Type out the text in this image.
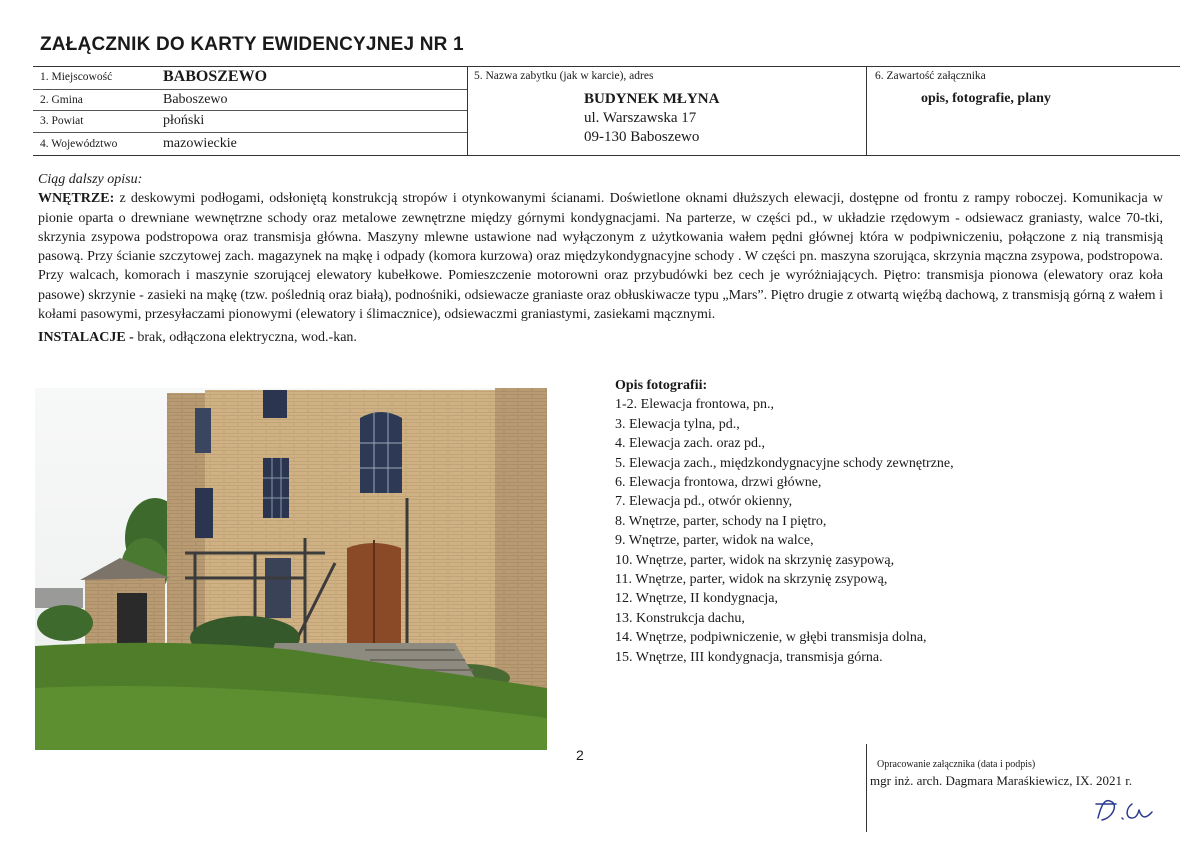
ZAŁĄCZNIK DO KARTY EWIDENCYJNEJ NR 1
1. Miejscowość	BABOSZEWO
2. Gmina	Baboszewo
3. Powiat	płoński
4. Województwo	mazowieckie
5. Nazwa zabytku (jak w karcie), adres
BUDYNEK MŁYNA
ul. Warszawska 17
09-130 Baboszewo
6. Zawartość załącznika
opis, fotografie, plany

Ciąg dalszy opisu:

WNĘTRZE: z deskowymi podłogami, odsłoniętą konstrukcją stropów i otynkowanymi ścianami. Doświetlone oknami dłuższych elewacji, dostępne od frontu z rampy roboczej. Komunikacja w pionie oparta o drewniane wewnętrzne schody oraz metalowe zewnętrzne między górnymi kondygnacjami. Na parterze, w części pd., w układzie rzędowym - odsiewacz graniasty, walce 70-tki, skrzynia zsypowa podstropowa oraz transmisja główna. Maszyny mlewne ustawione nad wyłączonym z użytkowania wałem pędni głównej która w podpiwniczeniu, połączone z nią transmisją pasową. Przy ścianie szczytowej zach. magazynek na mąkę i odpady (komora kurzowa) oraz międzykondygnacyjne schody . W części pn. maszyna szorująca, skrzynia mączna zsypowa, podstropowa. Przy walcach, komorach i maszynie szorującej elewatory kubełkowe. Pomieszczenie motorowni oraz przybudówki bez cech je wyróżniających. Piętro: transmisja pionowa (elewatory oraz koła pasowe) skrzynie - zasieki na mąkę (tzw. poślednią oraz białą), podnośniki, odsiewacze graniaste oraz obłuskiwacze typu „Mars”. Piętro drugie z otwartą więźbą dachową, z transmisją górną z wałem i kołami pasowymi, przesyłaczami pionowymi (elewatory i ślimacznice), odsiewaczmi graniastymi, zasiekami mącznymi.

INSTALACJE - brak, odłączona elektryczna, wod.-kan.

Opis fotografii:
1-2. Elewacja frontowa, pn.,
3. Elewacja tylna, pd.,
4. Elewacja zach. oraz pd.,
5. Elewacja zach., międzkondygnacyjne schody zewnętrzne,
6. Elewacja frontowa, drzwi główne,
7. Elewacja pd., otwór okienny,
8. Wnętrze, parter, schody na I piętro,
9. Wnętrze, parter, widok na walce,
10. Wnętrze, parter, widok na skrzynię zasypową,
11. Wnętrze, parter, widok na skrzynię zsypową,
12. Wnętrze, II kondygnacja,
13. Konstrukcja dachu,
14. Wnętrze, podpiwniczenie, w głębi transmisja dolna,
15. Wnętrze, III kondygnacja, transmisja górna.
2
Opracowanie załącznika (data i podpis)
mgr inż. arch. Dagmara Maraśkiewicz, IX. 2021 r.
